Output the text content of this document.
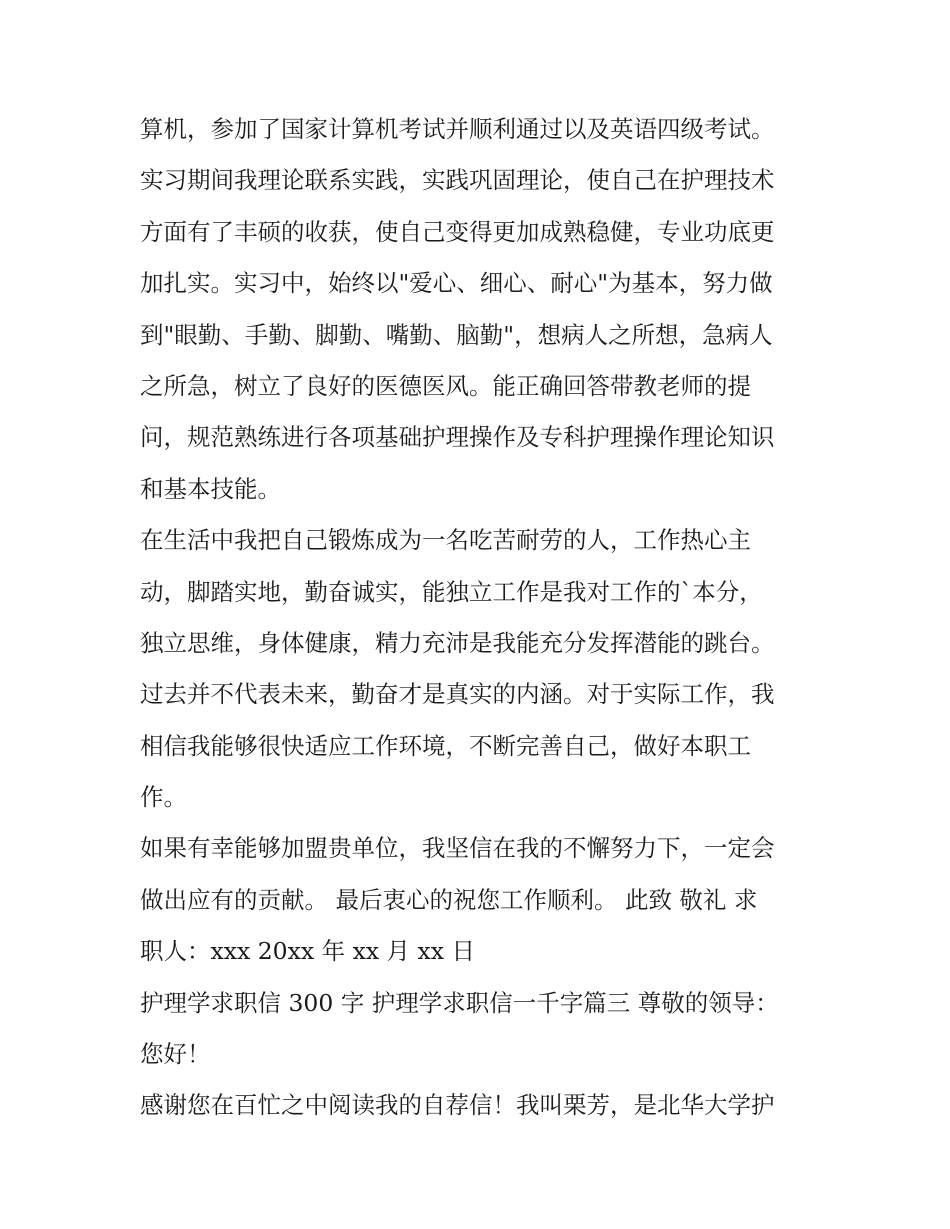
算机，参加了国家计算机考试并顺利通过以及英语四级考试。
实习期间我理论联系实践，实践巩固理论，使自己在护理技术
方面有了丰硕的收获，使自己变得更加成熟稳健，专业功底更
加扎实。实习中，始终以"爱心、细心、耐心"为基本，努力做
到"眼勤、手勤、脚勤、嘴勤、脑勤"，想病人之所想，急病人
之所急，树立了良好的医德医风。能正确回答带教老师的提
问，规范熟练进行各项基础护理操作及专科护理操作理论知识
和基本技能。
在生活中我把自己锻炼成为一名吃苦耐劳的人，工作热心主
动，脚踏实地，勤奋诚实，能独立工作是我对工作的`本分，
独立思维，身体健康，精力充沛是我能充分发挥潜能的跳台。
过去并不代表未来，勤奋才是真实的内涵。对于实际工作，我
相信我能够很快适应工作环境，不断完善自己，做好本职工
作。
如果有幸能够加盟贵单位，我坚信在我的不懈努力下，一定会
做出应有的贡献。 最后衷心的祝您工作顺利。 此致 敬礼 求
职人：xxx 20xx 年 xx 月 xx 日
护理学求职信 300 字 护理学求职信一千字篇三 尊敬的领导：
您好！
感谢您在百忙之中阅读我的自荐信！我叫栗芳，是北华大学护
